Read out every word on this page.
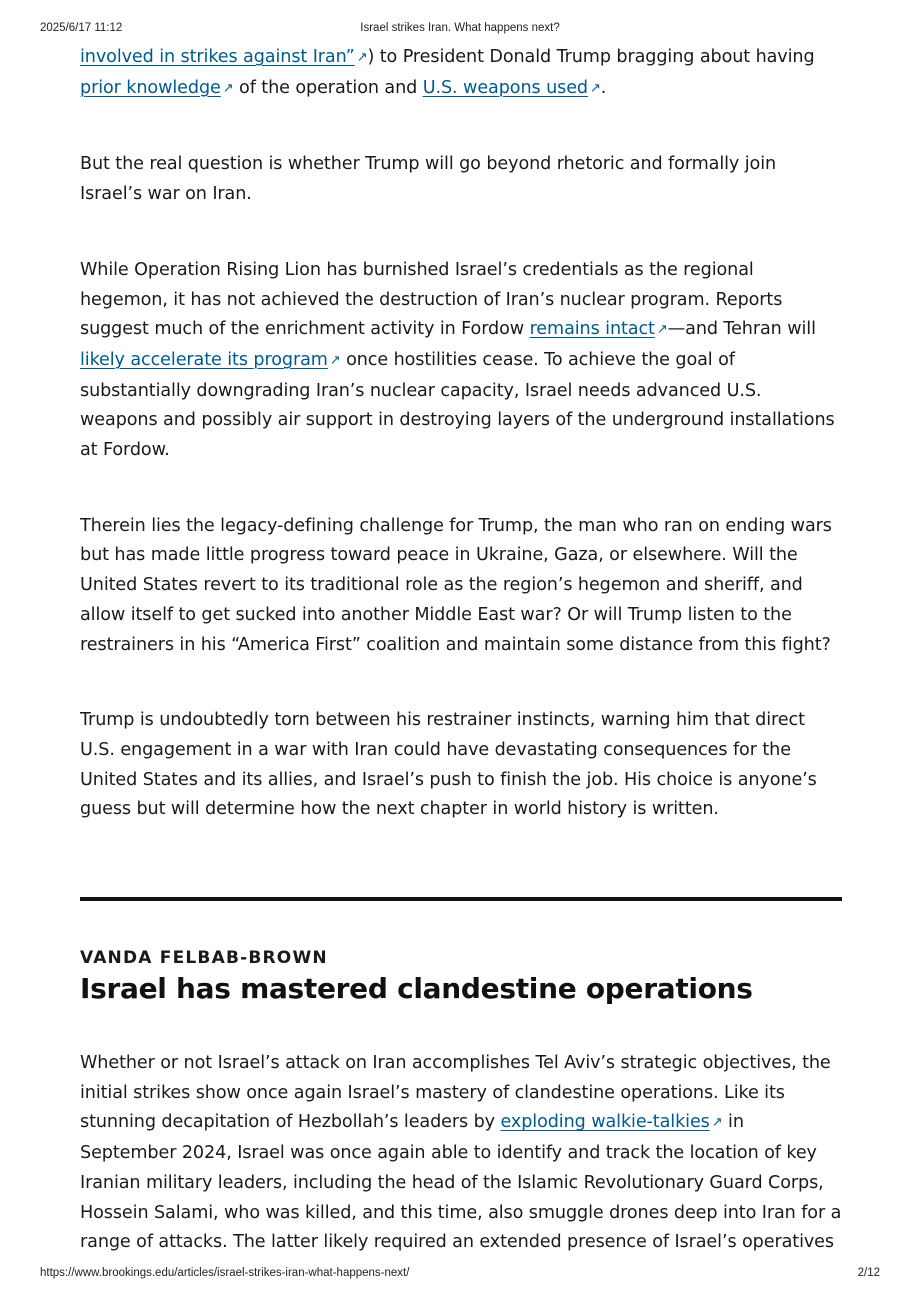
2025/6/17 11:12	Israel strikes Iran. What happens next?

involved in strikes against Iran” ↗) to President Donald Trump bragging about having prior knowledge ↗ of the operation and U.S. weapons used ↗.

But the real question is whether Trump will go beyond rhetoric and formally join Israel’s war on Iran.

While Operation Rising Lion has burnished Israel’s credentials as the regional hegemon, it has not achieved the destruction of Iran’s nuclear program. Reports suggest much of the enrichment activity in Fordow remains intact ↗—and Tehran will likely accelerate its program ↗ once hostilities cease. To achieve the goal of substantially downgrading Iran’s nuclear capacity, Israel needs advanced U.S. weapons and possibly air support in destroying layers of the underground installations at Fordow.

Therein lies the legacy-defining challenge for Trump, the man who ran on ending wars but has made little progress toward peace in Ukraine, Gaza, or elsewhere. Will the United States revert to its traditional role as the region’s hegemon and sheriff, and allow itself to get sucked into another Middle East war? Or will Trump listen to the restrainers in his “America First” coalition and maintain some distance from this fight?

Trump is undoubtedly torn between his restrainer instincts, warning him that direct U.S. engagement in a war with Iran could have devastating consequences for the United States and its allies, and Israel’s push to finish the job. His choice is anyone’s guess but will determine how the next chapter in world history is written.

VANDA FELBAB-BROWN
Israel has mastered clandestine operations

Whether or not Israel’s attack on Iran accomplishes Tel Aviv’s strategic objectives, the initial strikes show once again Israel’s mastery of clandestine operations. Like its stunning decapitation of Hezbollah’s leaders by exploding walkie-talkies ↗ in September 2024, Israel was once again able to identify and track the location of key Iranian military leaders, including the head of the Islamic Revolutionary Guard Corps, Hossein Salami, who was killed, and this time, also smuggle drones deep into Iran for a range of attacks. The latter likely required an extended presence of Israel’s operatives

https://www.brookings.edu/articles/israel-strikes-iran-what-happens-next/	2/12
